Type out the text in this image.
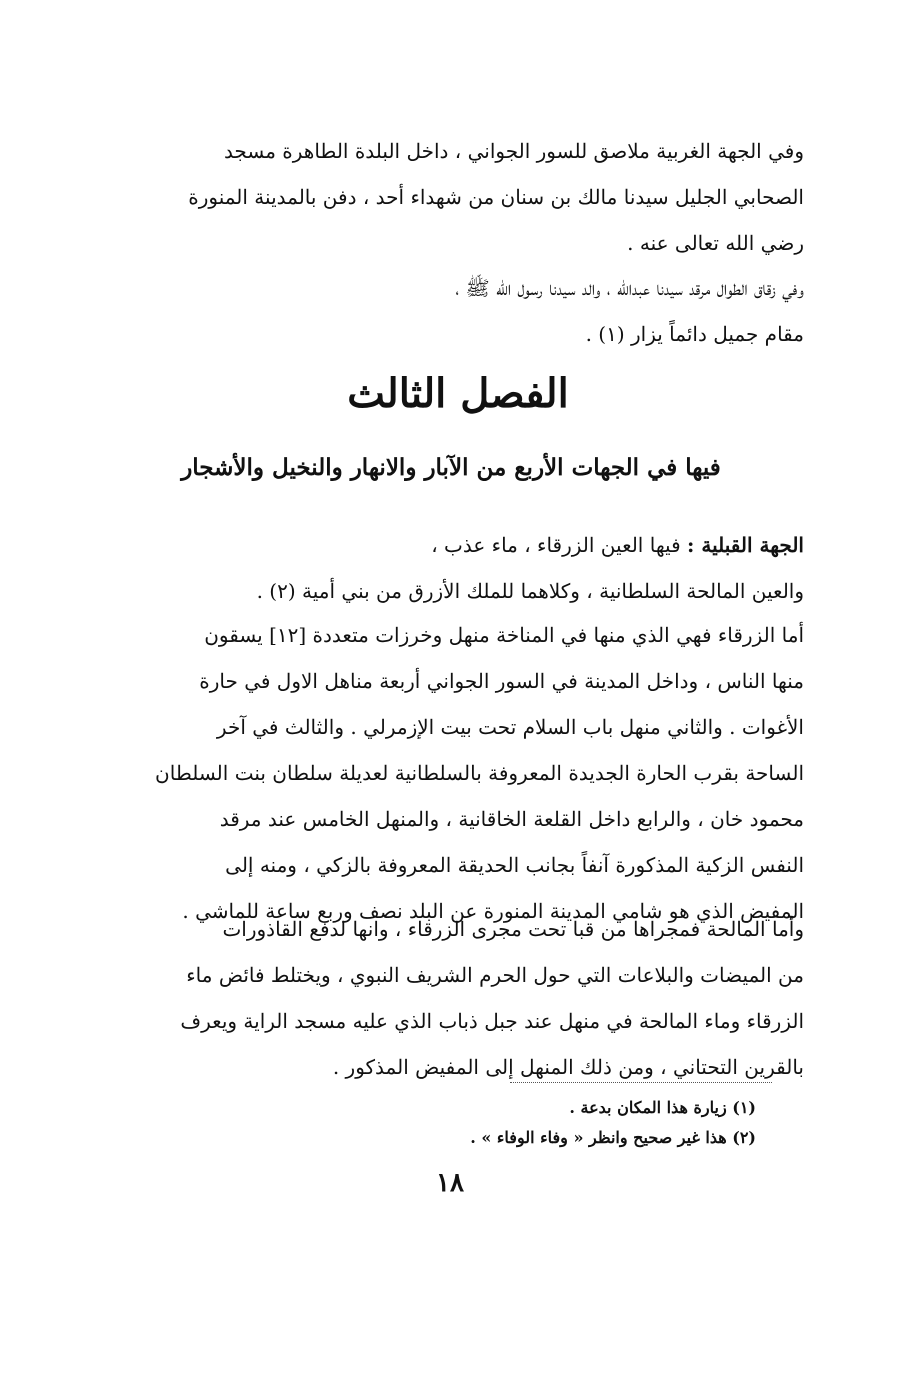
وفي الجهة الغربية ملاصق للسور الجواني ، داخل البلدة الطاهرة مسجد
الصحابي الجليل سيدنا مالك بن سنان من شهداء أحد ، دفن بالمدينة المنورة
رضي الله تعالى عنه .
وفي زقاق الطوال مرقد سيدنا عبدالله ، والد سيدنا رسول الله ﷺ ،
مقام جميل دائماً يزار (١) .
الفصل الثالث
فيها في الجهات الأربع من الآبار والانهار والنخيل والأشجار
الجهة القبلية : فيها العين الزرقاء ، ماء عذب ،
والعين المالحة السلطانية ، وكلاهما للملك الأزرق من بني أمية (٢) .
أما الزرقاء فهي الذي منها في المناخة منهل وخرزات متعددة [١٢] يسقون
منها الناس ، وداخل المدينة في السور الجواني أربعة مناهل الاول في حارة
الأغوات . والثاني منهل باب السلام تحت بيت الإزمرلي . والثالث في آخر
الساحة بقرب الحارة الجديدة المعروفة بالسلطانية لعديلة سلطان بنت السلطان
محمود خان ، والرابع داخل القلعة الخاقانية ، والمنهل الخامس عند مرقد
النفس الزكية المذكورة آنفاً بجانب الحديقة المعروفة بالزكي ، ومنه إلى
المفيض الذي هو شامي المدينة المنورة عن البلد نصف وربع ساعة للماشي .
وأما المالحة فمجراها من قبا تحت مجرى الزرقاء ، وانها لدفع القاذورات
من الميضات والبلاعات التي حول الحرم الشريف النبوي ، ويختلط فائض ماء
الزرقاء وماء المالحة في منهل عند جبل ذباب الذي عليه مسجد الراية ويعرف
بالقرين التحتاني ، ومن ذلك المنهل إلى المفيض المذكور .
(١) زيارة هذا المكان بدعة .
(٢) هذا غير صحيح وانظر « وفاء الوفاء » .
١٨
